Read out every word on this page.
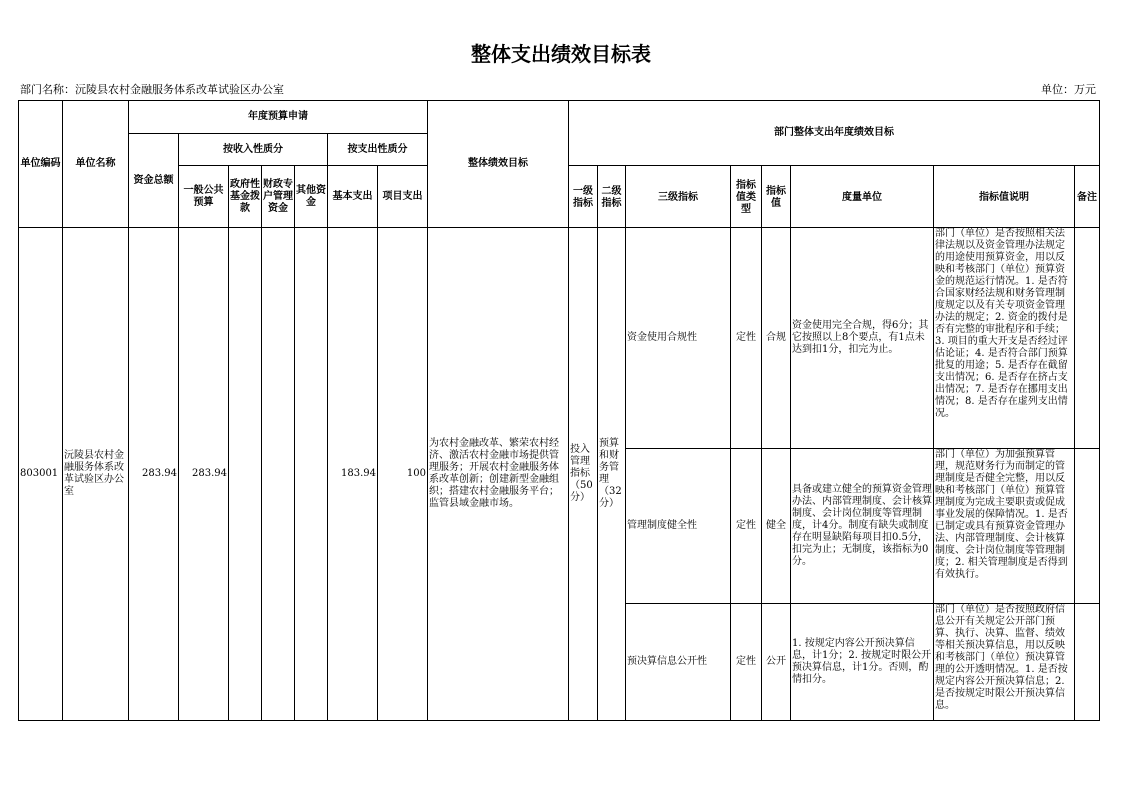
整体支出绩效目标表
部门名称：沅陵县农村金融服务体系改革试验区办公室	单位：万元
单位编码	单位名称	年度预算申请							整体绩效目标	部门整体支出年度绩效目标							
		资金总额	按收入性质分				按支出性质分										
			一般公共预算	政府性基金拨款	财政专户管理资金	其他资金	基本支出	项目支出									
										一级指标	二级指标	三级指标	指标值类型	指标值	度量单位	指标值说明	备注
803001	沅陵县农村金融服务体系改革试验区办公室	283.94	283.94				183.94	100	为农村金融改革、繁荣农村经济、激活农村金融市场提供管理服务；开展农村金融服务体系改革创新；创建新型金融组织；搭建农村金融服务平台；监管县域金融市场。	投入管理指标（50分）	预算和财务管理（32分）	资金使用合规性	定性	合规	资金使用完全合规，得6分；其它按照以上8个要点，有1点未达到扣1分，扣完为止。	部门（单位）是否按照相关法律法规以及资金管理办法规定的用途使用预算资金，用以反映和考核部门（单位）预算资金的规范运行情况。1. 是否符合国家财经法规和财务管理制度规定以及有关专项资金管理办法的规定；2. 资金的拨付是否有完整的审批程序和手续；3. 项目的重大开支是否经过评估论证；4. 是否符合部门预算批复的用途；5. 是否存在截留支出情况；6. 是否存在挤占支出情况；7. 是否存在挪用支出情况；8. 是否存在虚列支出情况。	

												管理制度健全性	定性	健全	具备或建立健全的预算资金管理办法、内部管理制度、会计核算制度、会计岗位制度等管理制度，计4分。制度有缺失或制度存在明显缺陷每项目扣0.5分，扣完为止；无制度，该指标为0分。	部门（单位）为加强预算管理，规范财务行为而制定的管理制度是否健全完整，用以反映和考核部门（单位）预算管理制度为完成主要职责或促成事业发展的保障情况。1. 是否已制定或具有预算资金管理办法、内部管理制度、会计核算制度、会计岗位制度等管理制度；2. 相关管理制度是否得到有效执行。	

												预决算信息公开性	定性	公开	1. 按规定内容公开预决算信息，计1分；2. 按规定时限公开预决算信息，计1分。否则，酌情扣分。	部门（单位）是否按照政府信息公开有关规定公开部门预算、执行、决算、监督、绩效等相关预决算信息，用以反映和考核部门（单位）预决算管理的公开透明情况。1. 是否按规定内容公开预决算信息；2. 是否按规定时限公开预决算信息。	
